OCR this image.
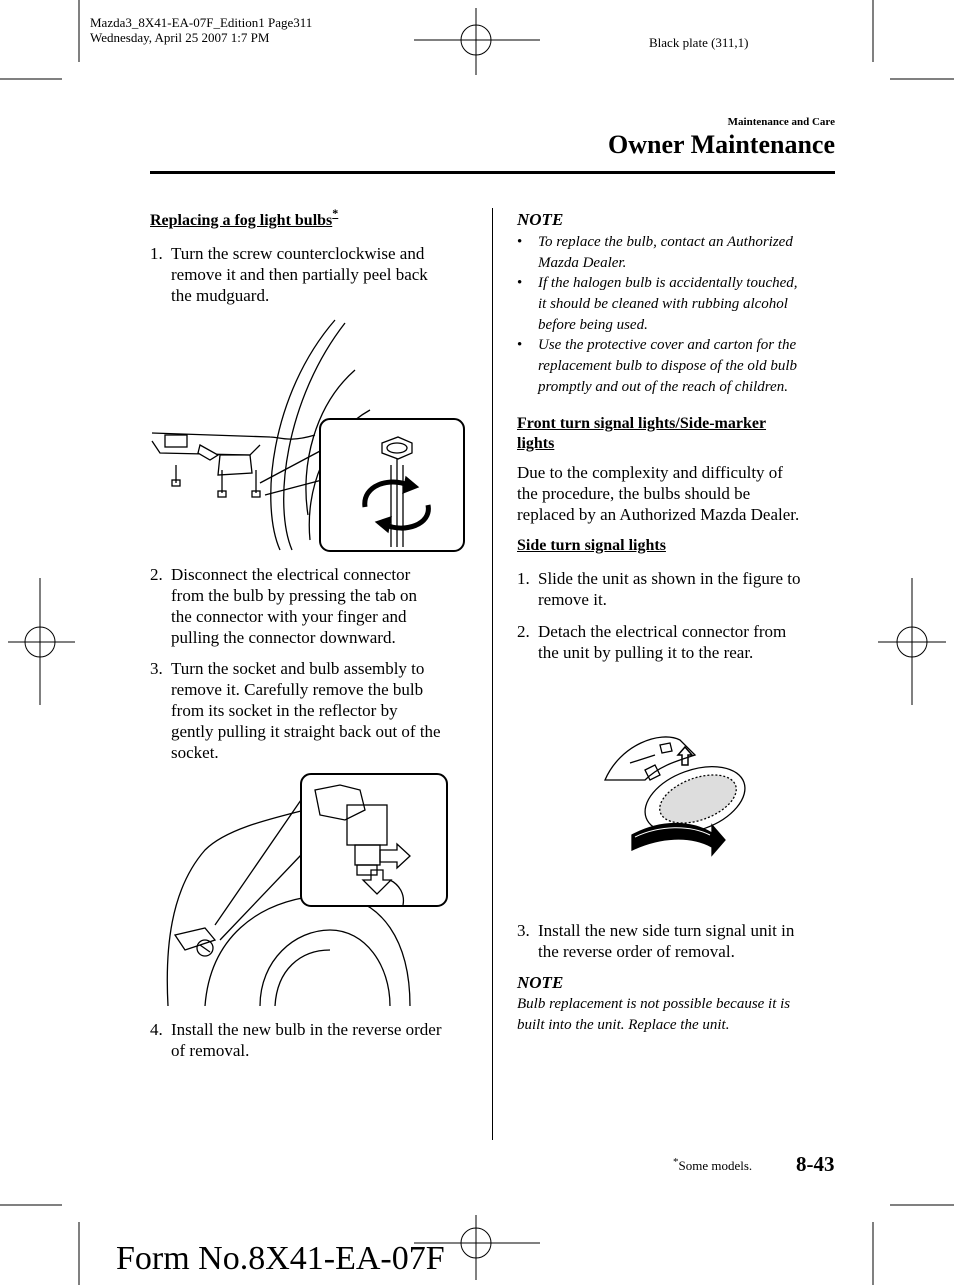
Mazda3_8X41-EA-07F_Edition1 Page311
Wednesday, April 25 2007 1:7 PM	Black plate (311,1)
Maintenance and Care
Owner Maintenance
Replacing a fog light bulbs*
1. Turn the screw counterclockwise and
remove it and then partially peel back
the mudguard.
2. Disconnect the electrical connector
from the bulb by pressing the tab on
the connector with your finger and
pulling the connector downward.
3. Turn the socket and bulb assembly to
remove it. Carefully remove the bulb
from its socket in the reflector by
gently pulling it straight back out of the
socket.
4. Install the new bulb in the reverse order
of removal.
NOTE
• To replace the bulb, contact an Authorized
Mazda Dealer.
• If the halogen bulb is accidentally touched,
it should be cleaned with rubbing alcohol
before being used.
• Use the protective cover and carton for the
replacement bulb to dispose of the old bulb
promptly and out of the reach of children.
Front turn signal lights/Side-marker
lights
Due to the complexity and difficulty of
the procedure, the bulbs should be
replaced by an Authorized Mazda Dealer.
Side turn signal lights
1. Slide the unit as shown in the figure to
remove it.
2. Detach the electrical connector from
the unit by pulling it to the rear.
3. Install the new side turn signal unit in
the reverse order of removal.
NOTE
Bulb replacement is not possible because it is
built into the unit. Replace the unit.
*Some models. 8-43
Form No.8X41-EA-07F
